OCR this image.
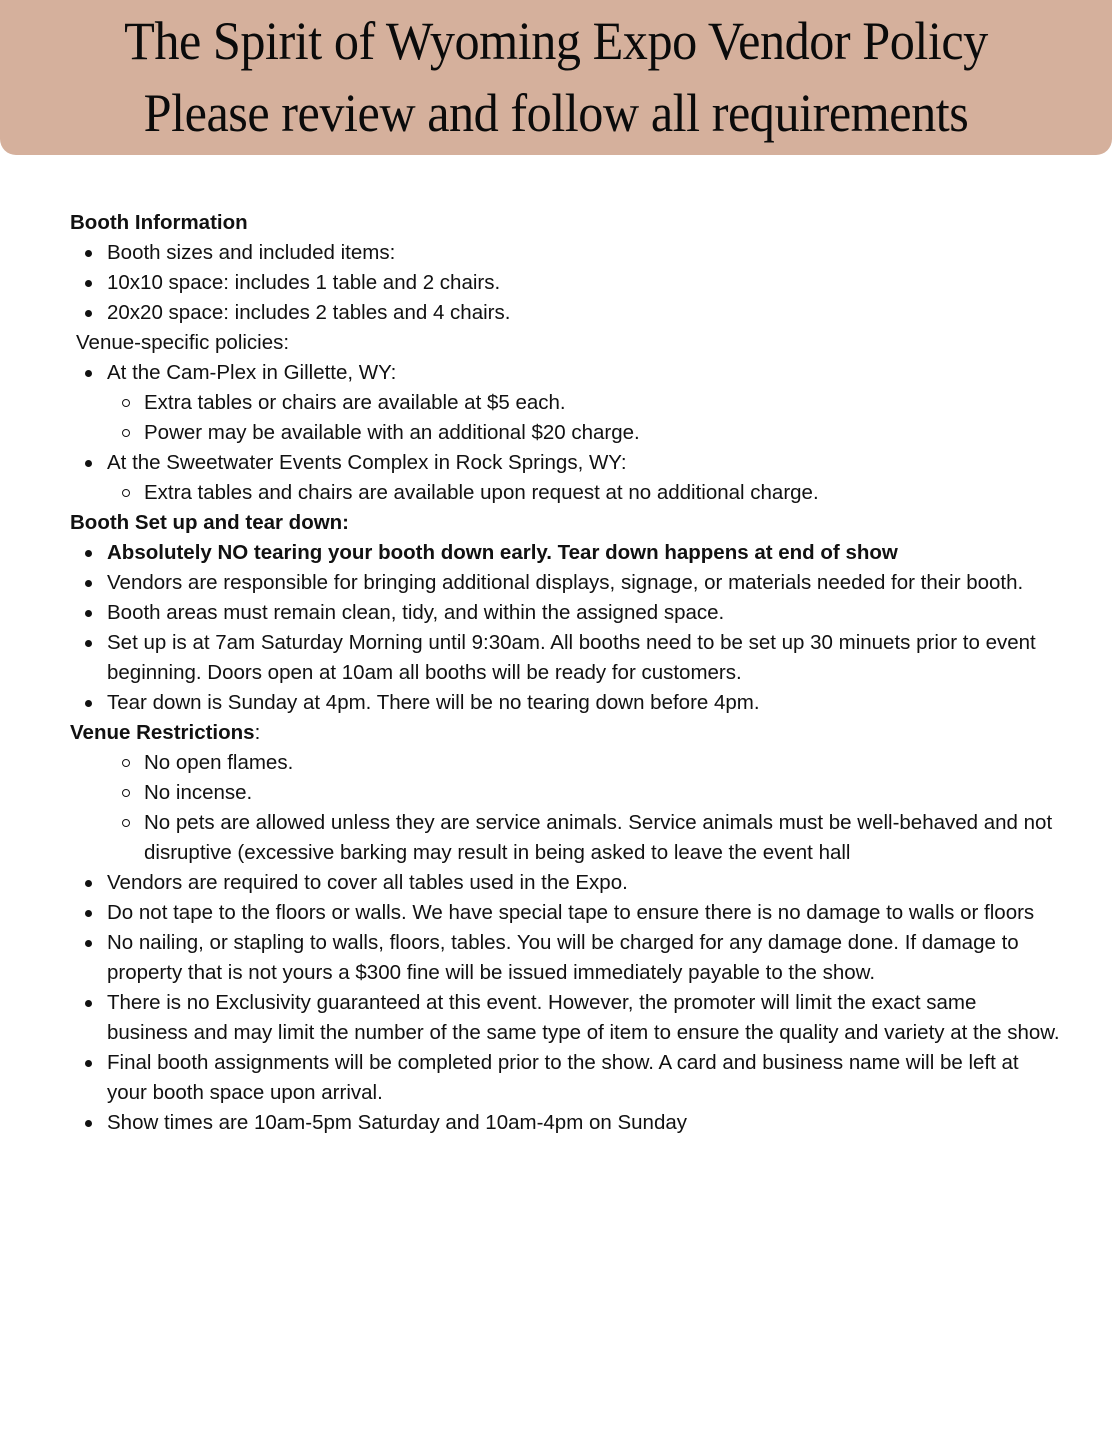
The Spirit of Wyoming Expo Vendor Policy
Please review and follow all requirements
Booth Information
Booth sizes and included items:
10x10 space: includes 1 table and 2 chairs.
20x20 space: includes 2 tables and 4 chairs.
Venue-specific policies:
At the Cam-Plex in Gillette, WY:
Extra tables or chairs are available at $5 each.
Power may be available with an additional $20 charge.
At the Sweetwater Events Complex in Rock Springs, WY:
Extra tables and chairs are available upon request at no additional charge.
Booth Set up and tear down:
Absolutely NO tearing your booth down early. Tear down happens at end of show
Vendors are responsible for bringing additional displays, signage, or materials needed for their booth.
Booth areas must remain clean, tidy, and within the assigned space.
Set up is at 7am Saturday Morning until 9:30am. All booths need to be set up 30 minuets prior to event beginning. Doors open at 10am all booths will be ready for customers.
Tear down is Sunday at 4pm. There will be no tearing down before 4pm.
Venue Restrictions:
No open flames.
No incense.
No pets are allowed unless they are service animals. Service animals must be well-behaved and not disruptive (excessive barking may result in being asked to leave the event hall
Vendors are required to cover all tables used in the Expo.
Do not tape to the floors or walls. We have special tape to ensure there is no damage to walls or floors
No nailing, or stapling to walls, floors, tables. You will be charged for any damage done. If damage to property that is not yours a $300 fine will be issued immediately payable to the show.
There is no Exclusivity guaranteed at this event. However, the promoter will limit the exact same business and may limit the number of the same type of item to ensure the quality and variety at the show.
Final booth assignments will be completed prior to the show. A card and business name will be left at your booth space upon arrival.
Show times are 10am-5pm Saturday and 10am-4pm on Sunday
